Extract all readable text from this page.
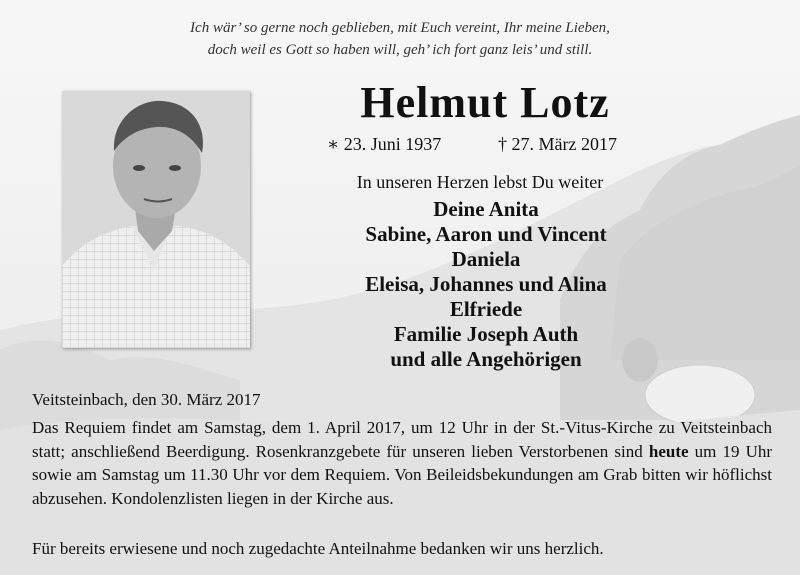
Ich wär’ so gerne noch geblieben, mit Euch vereint, Ihr meine Lieben,
doch weil es Gott so haben will, geh’ ich fort ganz leis’ und still.
Helmut Lotz
∗ 23. Juni 1937	† 27. März 2017
In unseren Herzen lebst Du weiter
Deine Anita
Sabine, Aaron und Vincent
Daniela
Eleisa, Johannes und Alina
Elfriede
Familie Joseph Auth
und alle Angehörigen
Veitsteinbach, den 30. März 2017
Das Requiem findet am Samstag, dem 1. April 2017, um 12 Uhr in der St.-Vitus-Kirche zu Veitsteinbach statt; anschließend Beerdigung. Rosenkranzgebete für unseren lieben Verstorbenen sind heute um 19 Uhr sowie am Samstag um 11.30 Uhr vor dem Requiem. Von Beileidsbekundungen am Grab bitten wir höflichst abzusehen. Kondolenzlisten liegen in der Kirche aus.
Für bereits erwiesene und noch zugedachte Anteilnahme bedanken wir uns herzlich.
